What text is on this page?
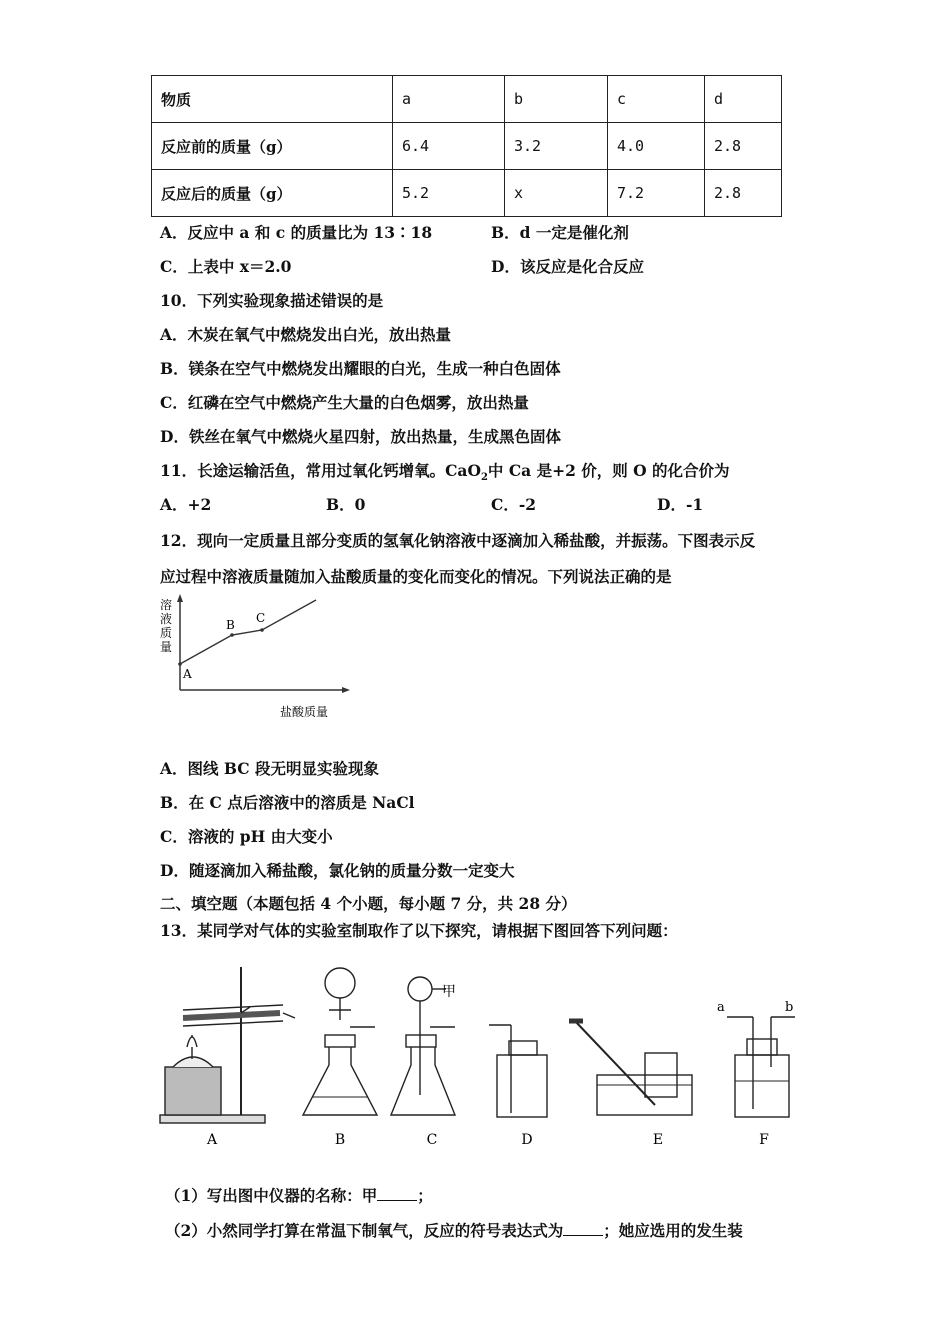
物质	a	b	c	d
反应前的质量（g）	6.4	3.2	4.0	2.8
反应后的质量（g）	5.2	x	7.2	2.8
A．反应中 a 和 c 的质量比为 13∶18	B．d 一定是催化剂
C．上表中 x＝2.0	D．该反应是化合反应
10．下列实验现象描述错误的是
A．木炭在氧气中燃烧发出白光，放出热量
B．镁条在空气中燃烧发出耀眼的白光，生成一种白色固体
C．红磷在空气中燃烧产生大量的白色烟雾，放出热量
D．铁丝在氧气中燃烧火星四射，放出热量，生成黑色固体
11．长途运输活鱼，常用过氧化钙增氧。CaO$_2$中 Ca 是+2 价，则 O 的化合价为
A．+2	B．0	C．-2	D．-1
12．现向一定质量且部分变质的氢氧化钠溶液中逐滴加入稀盐酸，并振荡。下图表示反
应过程中溶液质量随加入盐酸质量的变化而变化的情况。下列说法正确的是
A
B C
溶
液
质
量
盐酸质量
A．图线 BC 段无明显实验现象
B．在 C 点后溶液中的溶质是 NaCl
C．溶液的 pH 由大变小
D．随逐滴加入稀盐酸，氯化钠的质量分数一定变大
二、填空题（本题包括 4 个小题，每小题 7 分，共 28 分）
13．某同学对气体的实验室制取作了以下探究，请根据下图回答下列问题：
甲
a	b
A	B	C	D	E	F
（1）写出图中仪器的名称：甲	；
（2）小然同学打算在常温下制氧气，反应的符号表达式为	；她应选用的发生装
